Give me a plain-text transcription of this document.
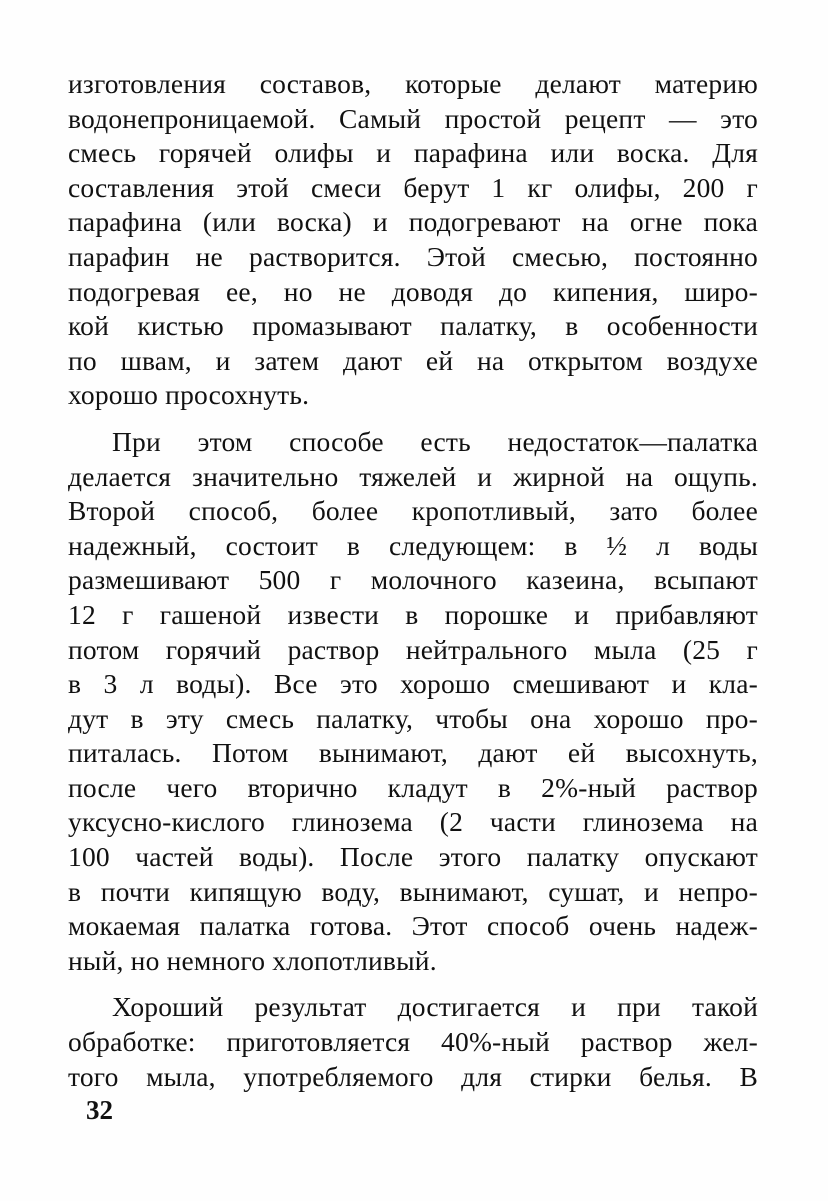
изготовления составов, которые делают материю
водонепроницаемой. Самый простой рецепт — это
смесь горячей олифы и парафина или воска. Для
составления этой смеси берут 1 кг олифы, 200 г
парафина (или воска) и подогревают на огне пока
парафин не растворится. Этой смесью, постоянно
подогревая ее, но не доводя до кипения, широ-
кой кистью промазывают палатку, в особенности
по швам, и затем дают ей на открытом воздухе
хорошо просохнуть.
При этом способе есть недостаток—палатка
делается значительно тяжелей и жирной на ощупь.
Второй способ, более кропотливый, зато более
надежный, состоит в следующем: в ½ л воды
размешивают 500 г молочного казеина, всыпают
12 г гашеной извести в порошке и прибавляют
потом горячий раствор нейтрального мыла (25 г
в 3 л воды). Все это хорошо смешивают и кла-
дут в эту смесь палатку, чтобы она хорошо про-
питалась. Потом вынимают, дают ей высохнуть,
после чего вторично кладут в 2%-ный раствор
уксусно-кислого глинозема (2 части глинозема на
100 частей воды). После этого палатку опускают
в почти кипящую воду, вынимают, сушат, и непро-
мокаемая палатка готова. Этот способ очень надеж-
ный, но немного хлопотливый.
Хороший результат достигается и при такой
обработке: приготовляется 40%-ный раствор жел-
того мыла, употребляемого для стирки белья. В
32
